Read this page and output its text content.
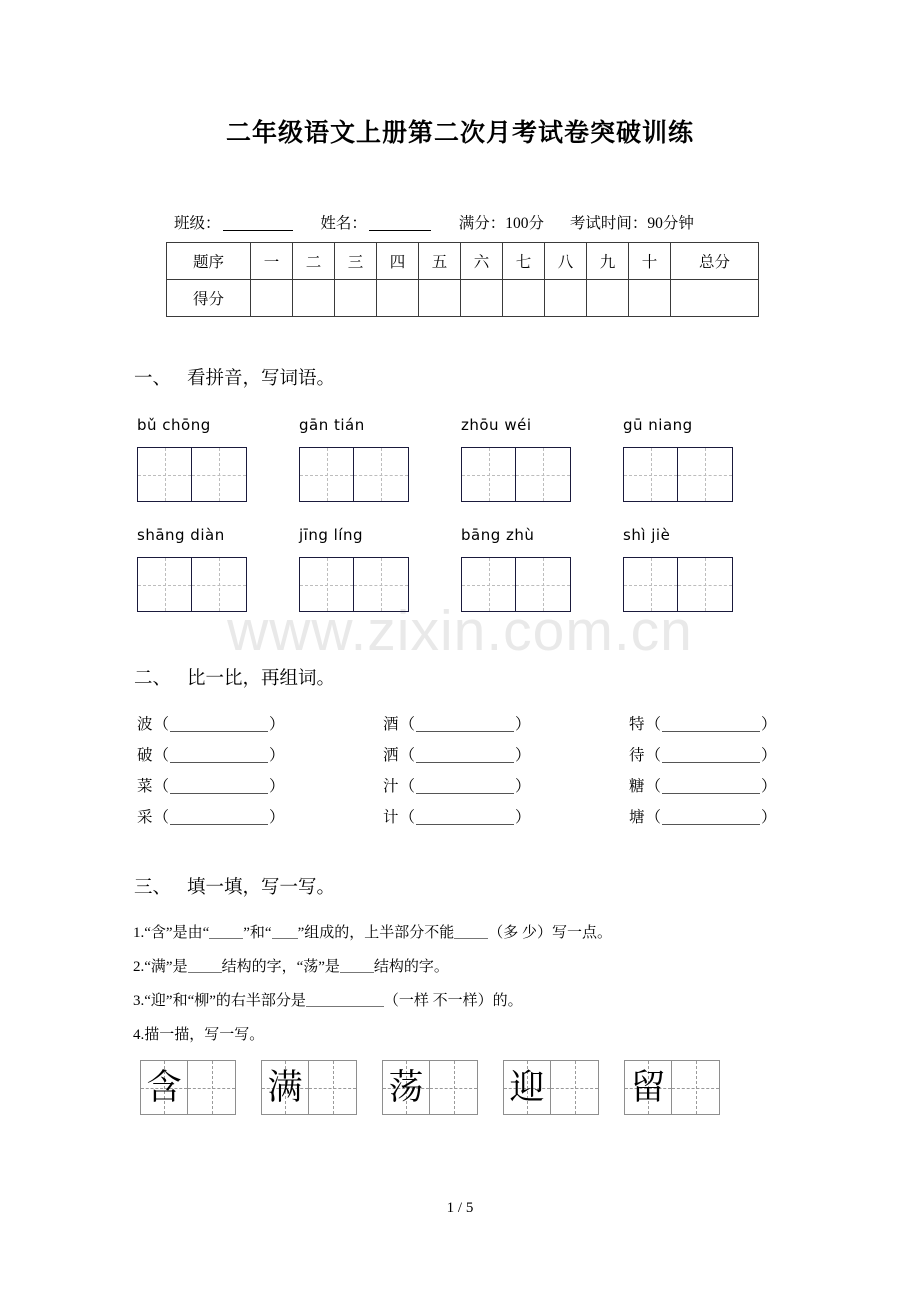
www.zixin.com.cn
二年级语文上册第二次月考试卷突破训练
班级：	姓名：	满分：100分 考试时间：90分钟
题序	一	二	三	四	五	六	七	八	九	十	总分
得分											
一、 看拼音，写词语。
bǔ chōng	gān tián	zhōu wéi	gū niang
shāng diàn	jīng líng	bāng zhù	shì jiè
二、 比一比，再组词。
波（	）	酒（	）	特（	）
破（	）	洒（	）	待（	）
菜（	）	汁（	）	糖（	）
采（	）	计（	）	塘（	）
三、 填一填，写一写。
1.“含”是由“ ”和“ ”组成的，上半部分不能 （多 少）写一点。
2.“满”是 结构的字，“荡”是 结构的字。
3.“迎”和“柳”的右半部分是	（一样 不一样）的。
4.描一描，写一写。
含 满 荡 迎 留
1 / 5
